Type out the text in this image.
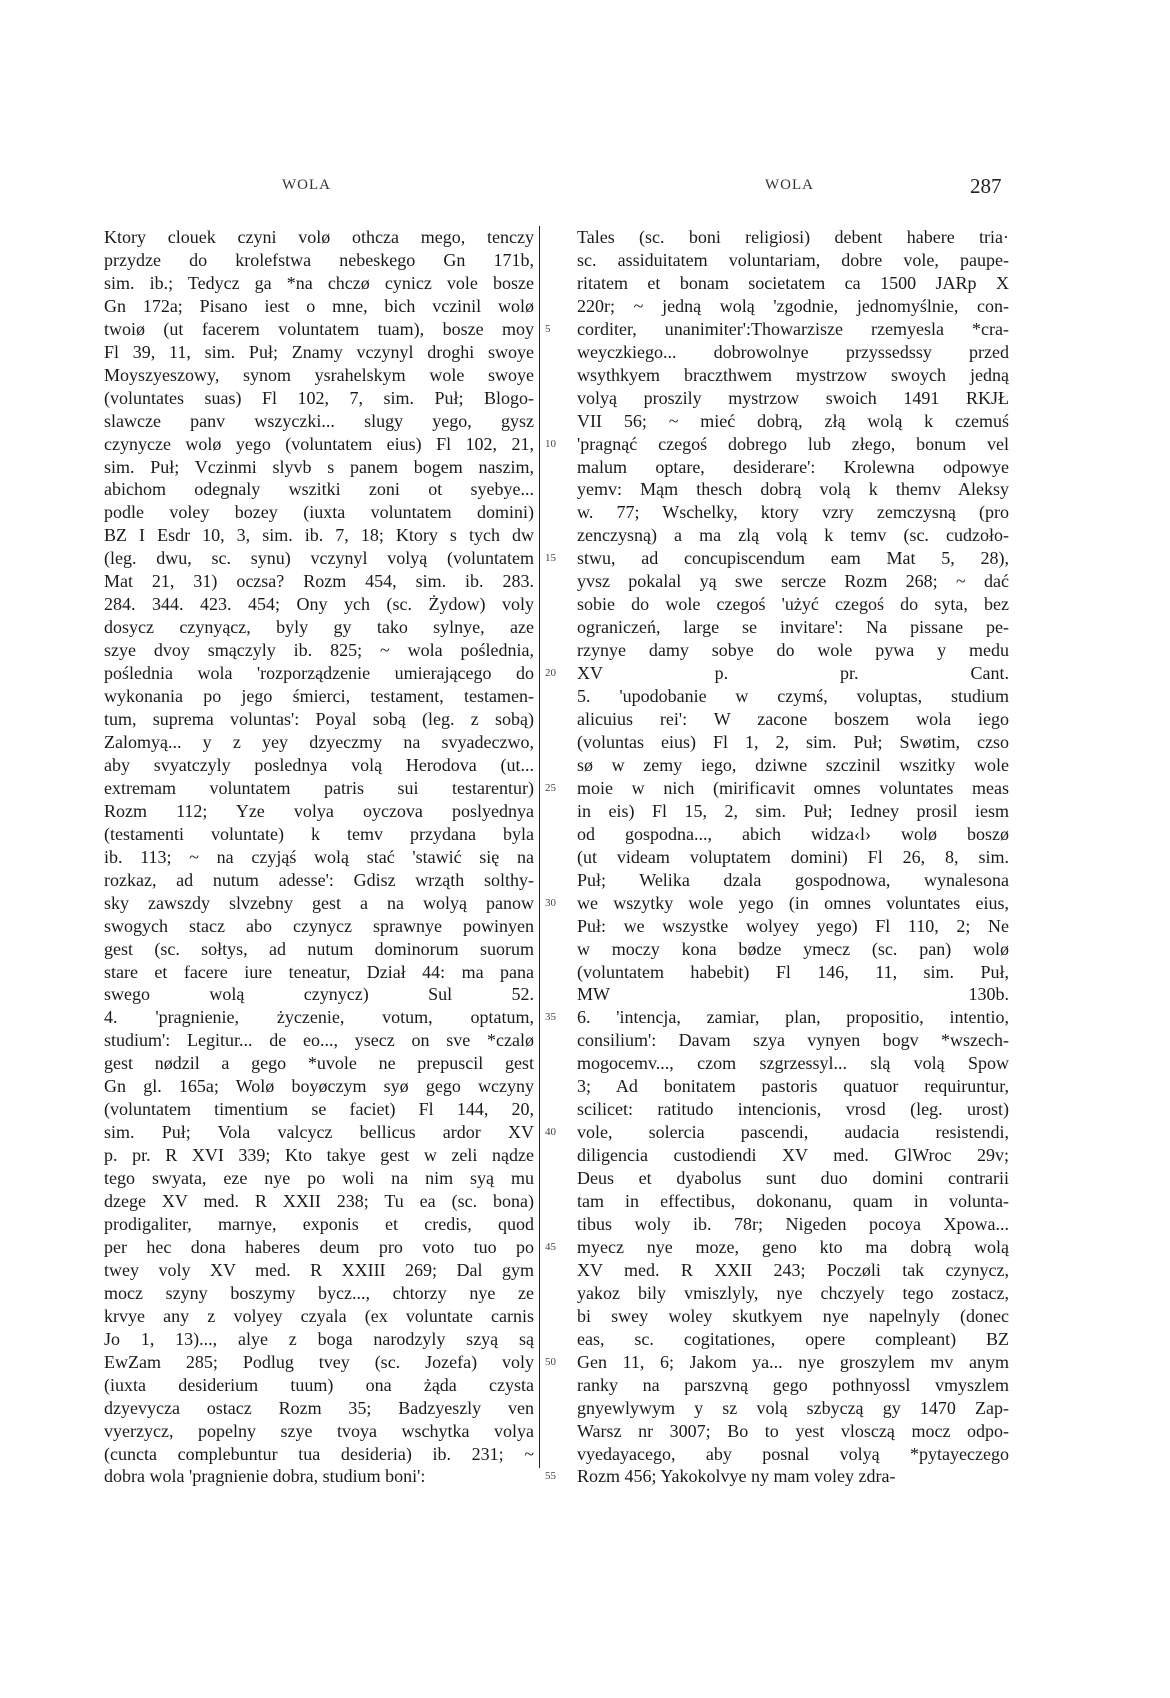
WOLA	WOLA	287
Ktory clouek czyni volø othcza mego, tenczy
przydze do krolefstwa nebeskego Gn 171b,
sim. ib.; Tedycz ga *na chczø cynicz vole bosze
Gn 172a; Pisano iest o mne, bich vczinil wolø
twoiø (ut facerem voluntatem tuam), bosze moy
Fl 39, 11, sim. Puł; Znamy vczynyl droghi swoye
Moyszyeszowy, synom ysrahelskym wole swoye
(voluntates suas) Fl 102, 7, sim. Puł; Blogo-
slawcze panv wszyczki... slugy yego, gysz
czynycze wolø yego (voluntatem eius) Fl 102, 21,
sim. Puł; Vczinmi slyvb s panem bogem naszim,
abichom odegnaly wszitki zoni ot syebye...
podle voley bozey (iuxta voluntatem domini)
BZ I Esdr 10, 3, sim. ib. 7, 18; Ktory s tych dw
(leg. dwu, sc. synu) vczynyl volyą (voluntatem
Mat 21, 31) oczsa? Rozm 454, sim. ib. 283.
284. 344. 423. 454; Ony ych (sc. Żydow) voly
dosycz czynyącz, byly gy tako sylnye, aze
szye dvoy smączyly ib. 825; ~ wola poślednia,
poślednia wola 'rozporządzenie umierającego do
wykonania po jego śmierci, testament, testamen-
tum, suprema voluntas': Poyal sobą (leg. z sobą)
Zalomyą... y z yey dzyeczmy na svyadeczwo,
aby svyatczyly poslednya volą Herodova (ut...
extremam voluntatem patris sui testarentur)
Rozm 112; Yze volya oyczova poslyednya
(testamenti voluntate) k temv przydana byla
ib. 113; ~ na czyjąś wolą stać 'stawić się na
rozkaz, ad nutum adesse': Gdisz wrząth solthy-
sky zawszdy slvzebny gest a na wolyą panow
swogych stacz abo czynycz sprawnye powinyen
gest (sc. sołtys, ad nutum dominorum suorum
stare et facere iure teneatur, Dział 44: ma pana
swego wolą czynycz) Sul 52.
4. 'pragnienie, życzenie, votum, optatum,
studium': Legitur... de eo..., ysecz on sve *czalø
gest nødzil a gego *uvole ne prepuscil gest
Gn gl. 165a; Wolø boyøczym syø gego wczyny
(voluntatem timentium se faciet) Fl 144, 20,
sim. Puł; Vola valcycz bellicus ardor XV
p. pr. R XVI 339; Kto takye gest w zeli nądze
tego swyata, eze nye po woli na nim syą mu
dzege XV med. R XXII 238; Tu ea (sc. bona)
prodigaliter, marnye, exponis et credis, quod
per hec dona haberes deum pro voto tuo po
twey voly XV med. R XXIII 269; Dal gym
mocz szyny boszymy bycz..., chtorzy nye ze
krvye any z volyey czyala (ex voluntate carnis
Jo 1, 13)..., alye z boga narodzyly szyą są
EwZam 285; Podlug tvey (sc. Jozefa) voly
(iuxta desiderium tuum) ona żąda czysta
dzyevycza ostacz Rozm 35; Badzyeszly ven
vyerzycz, popelny szye tvoya wschytka volya
(cuncta complebuntur tua desideria) ib. 231; ~
dobra wola 'pragnienie dobra, studium boni':
Tales (sc. boni religiosi) debent habere tria·
sc. assiduitatem voluntariam, dobre vole, paupe-
ritatem et bonam societatem ca 1500 JARp X
220r; ~ jedną wolą 'zgodnie, jednomyślnie, con-
corditer, unanimiter':Thowarzisze rzemyesla *cra-
weyczkiego... dobrowolnye przyssedssy przed
wsythkyem braczthwem mystrzow swoych jedną
volyą proszily mystrzow swoich 1491 RKJŁ
VII 56; ~ mieć dobrą, złą wolą k czemuś
'pragnąć czegoś dobrego lub złego, bonum vel
malum optare, desiderare': Krolewna odpowye
yemv: Mąm thesch dobrą volą k themv Aleksy
w. 77; Wschelky, ktory vzry zemczysną (pro
zenczysną) a ma zlą volą k temv (sc. cudzoło-
stwu, ad concupiscendum eam Mat 5, 28),
yvsz pokalal yą swe sercze Rozm 268; ~ dać
sobie do wole czegoś 'użyć czegoś do syta, bez
ograniczeń, large se invitare': Na pissane pe-
rzynye damy sobye do wole pywa y medu
XV p. pr. Cant.
5. 'upodobanie w czymś, voluptas, studium
alicuius rei': W zacone boszem wola iego
(voluntas eius) Fl 1, 2, sim. Puł; Swøtim, czso
sø w zemy iego, dziwne szczinil wszitky wole
moie w nich (mirificavit omnes voluntates meas
in eis) Fl 15, 2, sim. Puł; Iedney prosil iesm
od gospodna..., abich widza‹l› wolø boszø
(ut videam voluptatem domini) Fl 26, 8, sim.
Puł; Welika dzala gospodnowa, wynalesona
we wszytky wole yego (in omnes voluntates eius,
Puł: we wszystke wolyey yego) Fl 110, 2; Ne
w moczy kona bødze ymecz (sc. pan) wolø
(voluntatem habebit) Fl 146, 11, sim. Puł,
MW 130b.
6. 'intencja, zamiar, plan, propositio, intentio,
consilium': Davam szya vynyen bogv *wszech-
mogocemv..., czom szgrzessyl... slą volą Spow
3; Ad bonitatem pastoris quatuor requiruntur,
scilicet: ratitudo intencionis, vrosd (leg. urost)
vole, solercia pascendi, audacia resistendi,
diligencia custodiendi XV med. GlWroc 29v;
Deus et dyabolus sunt duo domini contrarii
tam in effectibus, dokonanu, quam in volunta-
tibus woly ib. 78r; Nigeden pocoya Xpowa...
myecz nye moze, geno kto ma dobrą wolą
XV med. R XXII 243; Poczøli tak czynycz,
yakoz bily vmiszlyly, nye chczyely tego zostacz,
bi swey woley skutkyem nye napelnyly (donec
eas, sc. cogitationes, opere compleant) BZ
Gen 11, 6; Jakom ya... nye groszylem mv anym
ranky na parszvną gego pothnyossl vmyszlem
gnyewlywym y sz volą szbyczą gy 1470 Zap-
Warsz nr 3007; Bo to yest vlosczą mocz odpo-
vyedayacego, aby posnal volyą *pytayeczego
Rozm 456; Yakokolvye ny mam voley zdra-
5
10
15
20
25
30
35
40
45
50
55
